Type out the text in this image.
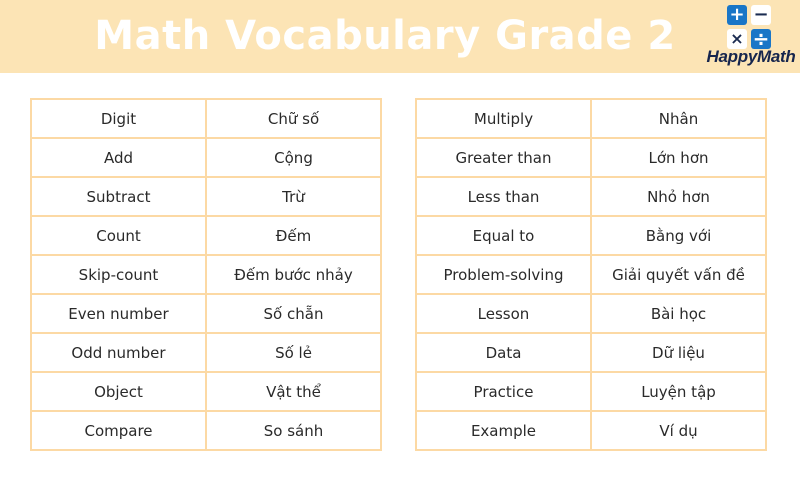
Math Vocabulary Grade 2	+ −
× ÷
HappyMath
Digit	Chữ số
Add	Cộng
Subtract	Trừ
Count	Đếm
Skip-count	Đếm bước nhảy
Even number	Số chẵn
Odd number	Số lẻ
Object	Vật thể
Compare	So sánh
Multiply	Nhân
Greater than	Lớn hơn
Less than	Nhỏ hơn
Equal to	Bằng với
Problem-solving	Giải quyết vấn đề
Lesson	Bài học
Data	Dữ liệu
Practice	Luyện tập
Example	Ví dụ
